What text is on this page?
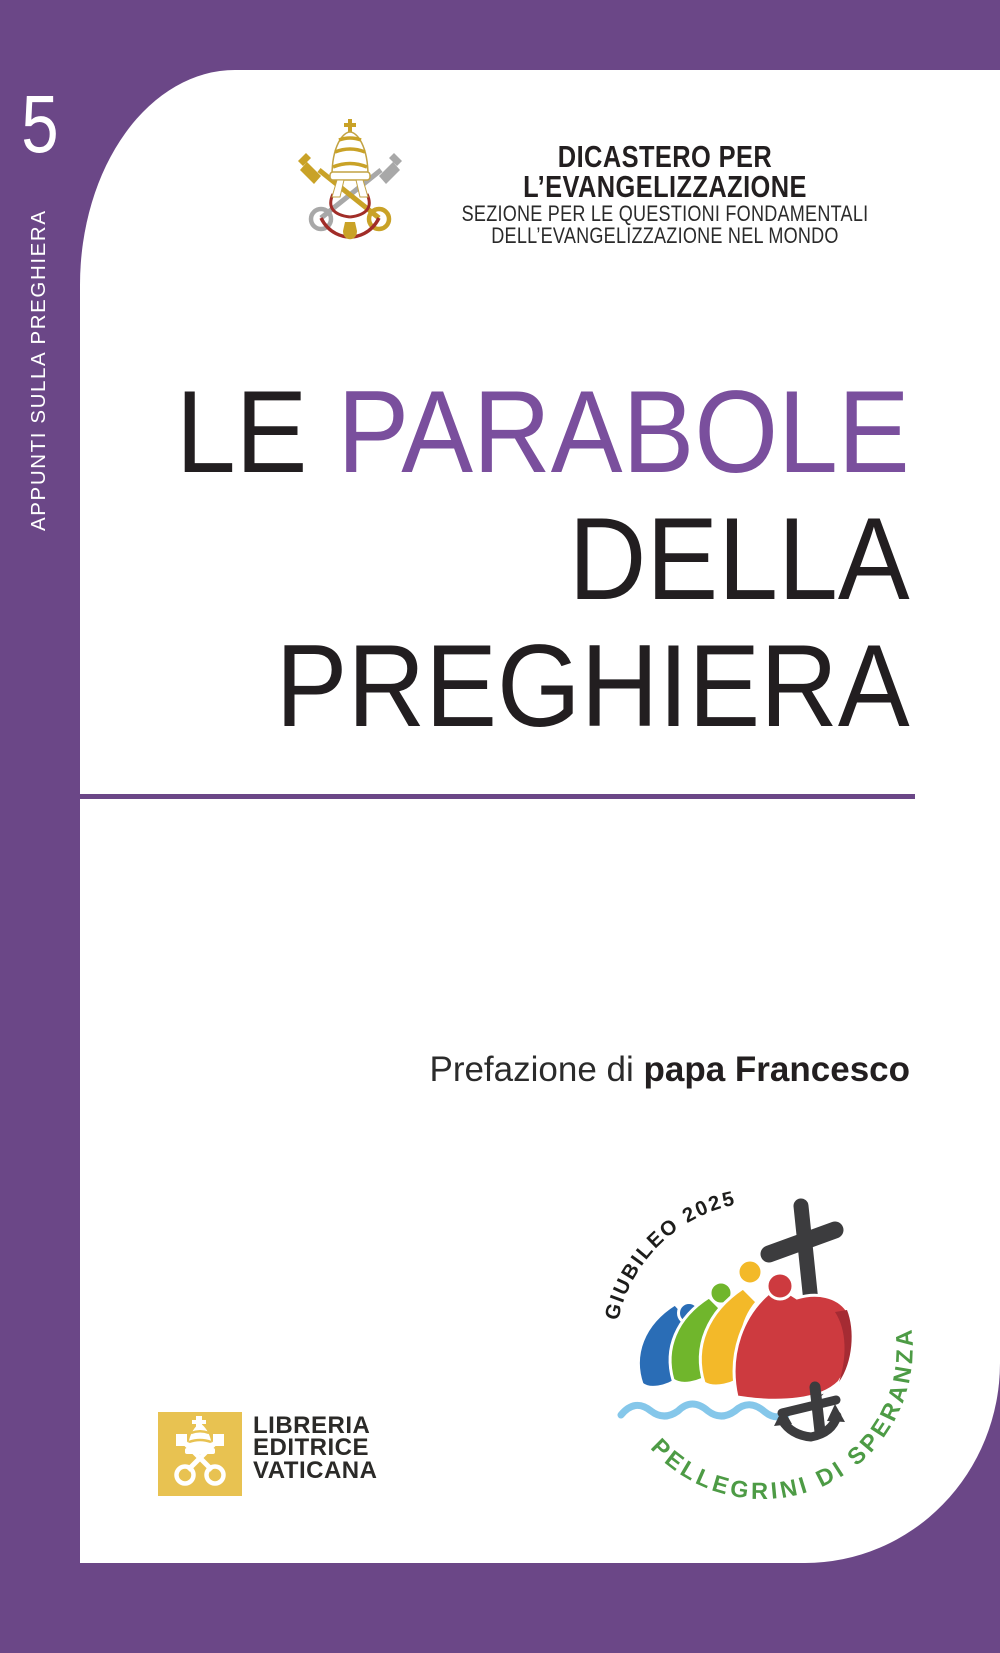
5
APPUNTI SULLA PREGHIERA
DICASTERO PER L’EVANGELIZZAZIONE
SEZIONE PER LE QUESTIONI FONDAMENTALI
DELL’EVANGELIZZAZIONE NEL MONDO
LE PARABOLE
DELLA
PREGHIERA
Prefazione di papa Francesco
GIUBILEO 2025
PELLEGRINI DI SPERANZA
LIBRERIA
EDITRICE
VATICANA
